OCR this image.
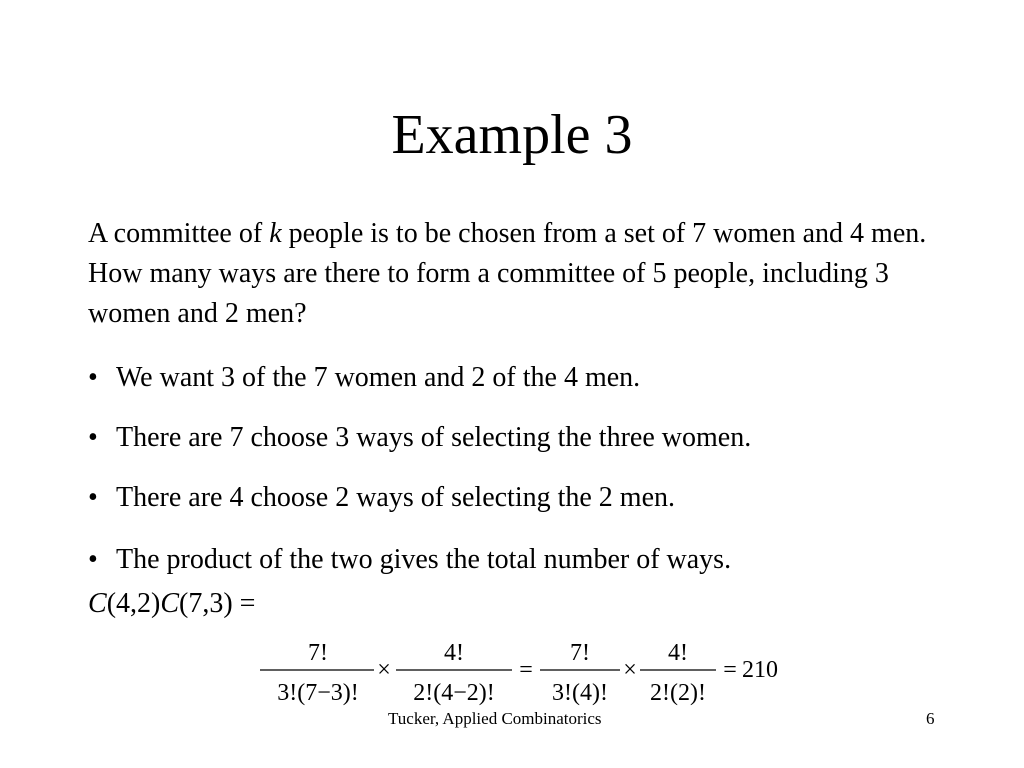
Example 3

A committee of k people is to be chosen from a set of 7 women and 4 men. How many ways are there to form a committee of 5 people, including 3 women and 2 men?

• We want 3 of the 7 women and 2 of the 4 men.
• There are 7 choose 3 ways of selecting the three women.
• There are 4 choose 2 ways of selecting the 2 men.
• The product of the two gives the total number of ways.
C(4,2)C(7,3) =
7!
3!(7−3)!
×
4!
2!(4−2)!
=
7!
3!(4)!
×
4!
2!(2)!
= 210
Tucker, Applied Combinatorics	6
